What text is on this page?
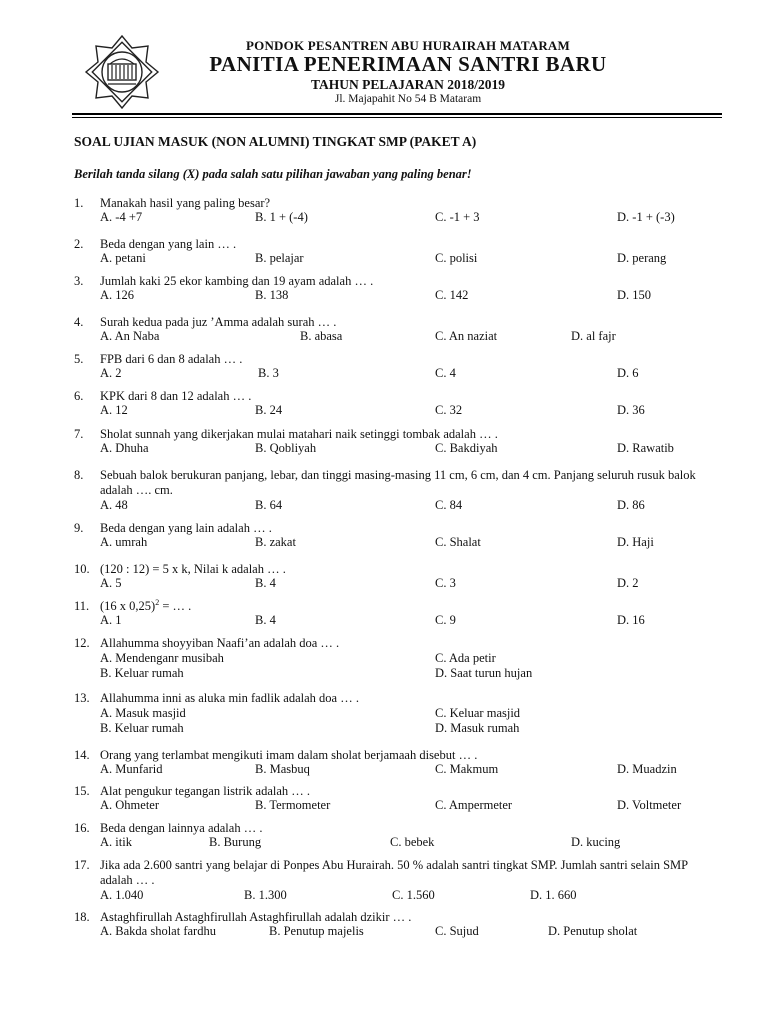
PONDOK PESANTREN ABU HURAIRAH MATARAM
PANITIA PENERIMAAN SANTRI BARU
TAHUN PELAJARAN 2018/2019
Jl. Majapahit No 54 B Mataram
SOAL UJIAN MASUK (NON ALUMNI) TINGKAT SMP (PAKET A)
Berilah tanda silang (X) pada salah satu pilihan jawaban yang paling benar!
1. Manakah hasil yang paling besar?
A. -4 +7	B. 1 + (-4)	C. -1 + 3	D. -1 + (-3)
2. Beda dengan yang lain … .
A. petani	B. pelajar	C. polisi	D. perang
3. Jumlah kaki 25 ekor kambing dan 19 ayam adalah … .
A. 126	B. 138	C. 142	D. 150
4. Surah kedua pada juz ’Amma adalah surah … .
A. An Naba	B. abasa	C. An naziat	D. al fajr
5. FPB dari 6 dan 8 adalah … .
A. 2	B. 3	C. 4	D. 6
6. KPK dari 8 dan 12 adalah … .
A. 12	B. 24	C. 32	D. 36
7. Sholat sunnah yang dikerjakan mulai matahari naik setinggi tombak adalah … .
A. Dhuha	B. Qobliyah	C. Bakdiyah	D. Rawatib
8. Sebuah balok berukuran panjang, lebar, dan tinggi masing-masing 11 cm, 6 cm, dan 4 cm. Panjang seluruh rusuk balok adalah …. cm.
A. 48	B. 64	C. 84	D. 86
9. Beda dengan yang lain adalah … .
A. umrah	B. zakat	C. Shalat	D. Haji
10. (120 : 12) = 5 x k, Nilai k adalah … .
A. 5	B. 4	C. 3	D. 2
11. (16 x 0,25)$^2$ = … .
A. 1	B. 4	C. 9	D. 16
12. Allahumma shoyyiban Naafi’an adalah doa … .
A. Mendenganr musibah	C. Ada petir
B. Keluar rumah	D. Saat turun hujan
13. Allahumma inni as aluka min fadlik adalah doa … .
A. Masuk masjid	C. Keluar masjid
B. Keluar rumah	D. Masuk rumah
14. Orang yang terlambat mengikuti imam dalam sholat berjamaah disebut … .
A. Munfarid	B. Masbuq	C. Makmum	D. Muadzin
15. Alat pengukur tegangan listrik adalah … .
A. Ohmeter	B. Termometer	C. Ampermeter	D. Voltmeter
16. Beda dengan lainnya adalah … .
A. itik	B. Burung	C. bebek	D. kucing
17. Jika ada 2.600 santri yang belajar di Ponpes Abu Hurairah. 50 % adalah santri tingkat SMP. Jumlah santri selain SMP adalah … .
A. 1.040	B. 1.300	C. 1.560	D. 1. 660
18. Astaghfirullah Astaghfirullah Astaghfirullah adalah dzikir … .
A. Bakda sholat fardhu	B. Penutup majelis	C. Sujud	D. Penutup sholat
